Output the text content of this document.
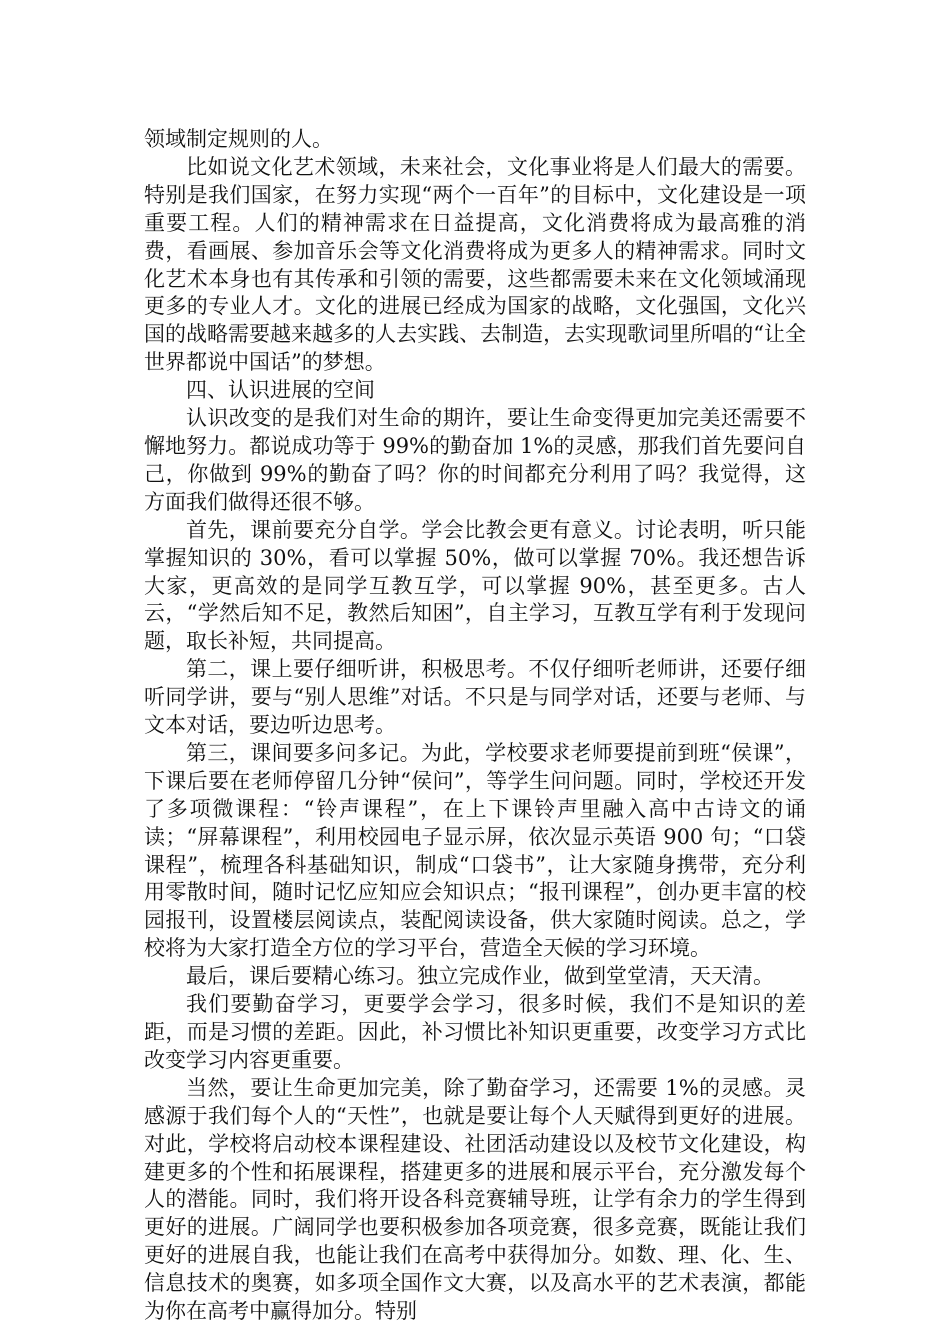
领域制定规则的人。

比如说文化艺术领域，未来社会，文化事业将是人们最大的需要。特别是我们国家，在努力实现“两个一百年”的目标中，文化建设是一项重要工程。人们的精神需求在日益提高，文化消费将成为最高雅的消费，看画展、参加音乐会等文化消费将成为更多人的精神需求。同时文化艺术本身也有其传承和引领的需要，这些都需要未来在文化领域涌现更多的专业人才。文化的进展已经成为国家的战略，文化强国，文化兴国的战略需要越来越多的人去实践、去制造，去实现歌词里所唱的“让全世界都说中国话”的梦想。

四、认识进展的空间

认识改变的是我们对生命的期许，要让生命变得更加完美还需要不懈地努力。都说成功等于 99%的勤奋加 1%的灵感，那我们首先要问自己，你做到 99%的勤奋了吗？你的时间都充分利用了吗？我觉得，这方面我们做得还很不够。

首先，课前要充分自学。学会比教会更有意义。讨论表明，听只能掌握知识的 30%，看可以掌握 50%，做可以掌握 70%。我还想告诉大家，更高效的是同学互教互学，可以掌握 90%，甚至更多。古人云，“学然后知不足，教然后知困”，自主学习，互教互学有利于发现问题，取长补短，共同提高。

第二，课上要仔细听讲，积极思考。不仅仔细听老师讲，还要仔细听同学讲，要与“别人思维”对话。不只是与同学对话，还要与老师、与文本对话，要边听边思考。

第三，课间要多问多记。为此，学校要求老师要提前到班“侯课”，下课后要在老师停留几分钟“侯问”，等学生问问题。同时，学校还开发了多项微课程：“铃声课程”，在上下课铃声里融入高中古诗文的诵读；“屏幕课程”，利用校园电子显示屏，依次显示英语 900 句；“口袋课程”，梳理各科基础知识，制成“口袋书”，让大家随身携带，充分利用零散时间，随时记忆应知应会知识点；“报刊课程”，创办更丰富的校园报刊，设置楼层阅读点，装配阅读设备，供大家随时阅读。总之，学校将为大家打造全方位的学习平台，营造全天候的学习环境。

最后，课后要精心练习。独立完成作业，做到堂堂清，天天清。

我们要勤奋学习，更要学会学习，很多时候，我们不是知识的差距，而是习惯的差距。因此，补习惯比补知识更重要，改变学习方式比改变学习内容更重要。

当然，要让生命更加完美，除了勤奋学习，还需要 1%的灵感。灵感源于我们每个人的“天性”，也就是要让每个人天赋得到更好的进展。对此，学校将启动校本课程建设、社团活动建设以及校节文化建设，构建更多的个性和拓展课程，搭建更多的进展和展示平台，充分激发每个人的潜能。同时，我们将开设各科竞赛辅导班，让学有余力的学生得到更好的进展。广阔同学也要积极参加各项竞赛，很多竞赛，既能让我们更好的进展自我，也能让我们在高考中获得加分。如数、理、化、生、信息技术的奥赛，如多项全国作文大赛，以及高水平的艺术表演，都能为你在高考中赢得加分。特别
